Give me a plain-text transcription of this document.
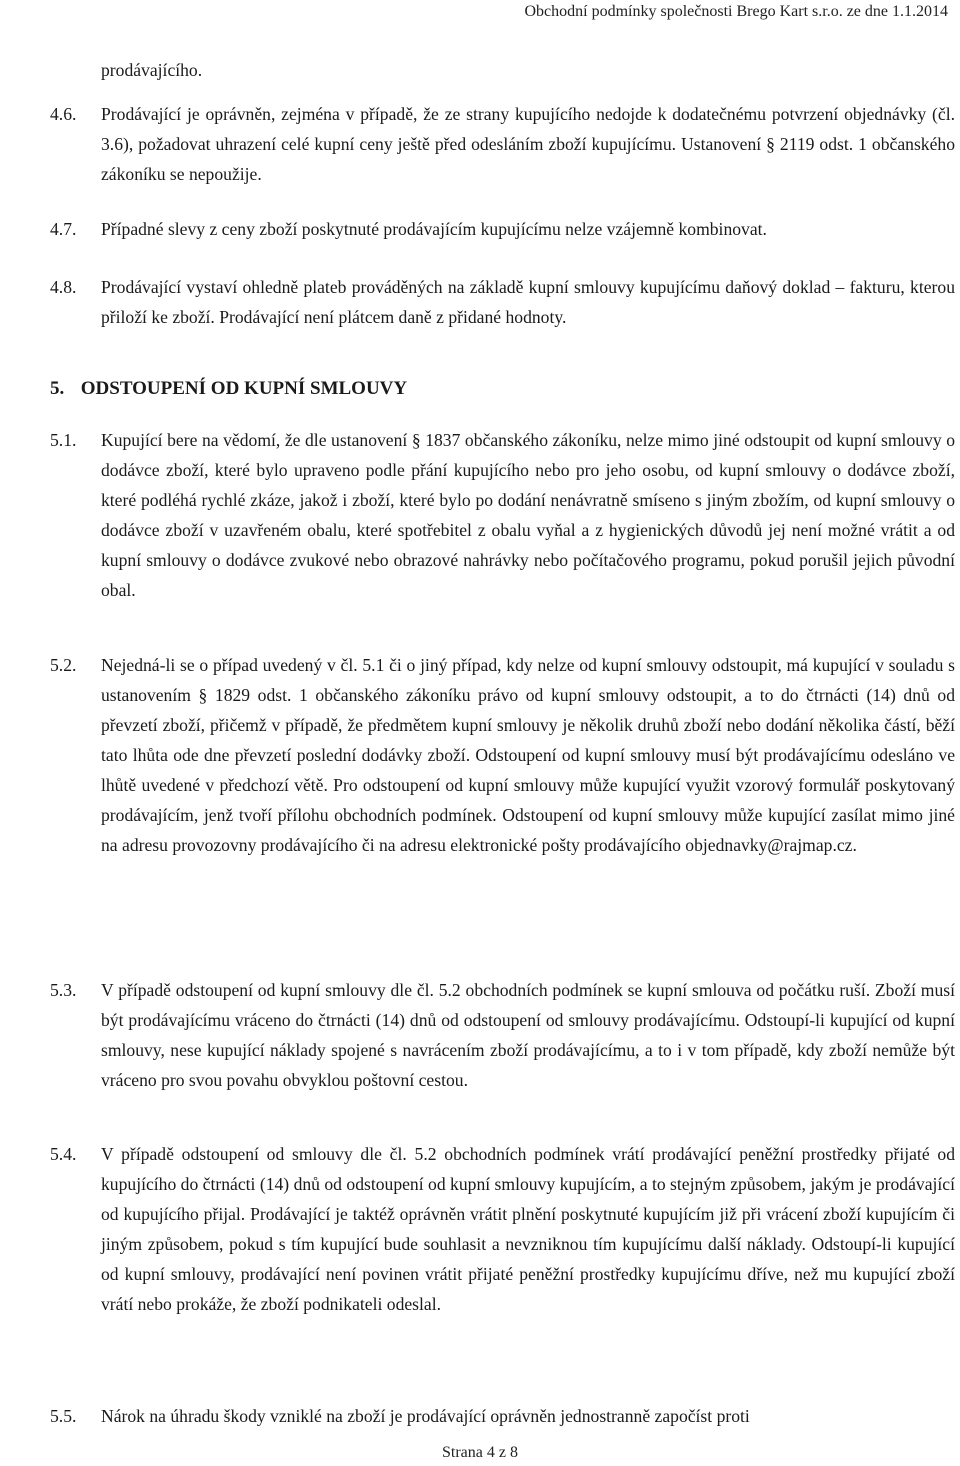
Obchodní podmínky společnosti Brego Kart s.r.o. ze dne 1.1.2014

prodávajícího.

4.6.	Prodávající je oprávněn, zejména v případě, že ze strany kupujícího nedojde k dodatečnému potvrzení objednávky (čl. 3.6), požadovat uhrazení celé kupní ceny ještě před odesláním zboží kupujícímu. Ustanovení § 2119 odst. 1 občanského zákoníku se nepoužije.
4.7.	Případné slevy z ceny zboží poskytnuté prodávajícím kupujícímu nelze vzájemně kombinovat.
4.8.	Prodávající vystaví ohledně plateb prováděných na základě kupní smlouvy kupujícímu daňový doklad – fakturu, kterou přiloží ke zboží. Prodávající není plátcem daně z přidané hodnoty.
5. ODSTOUPENÍ OD KUPNÍ SMLOUVY
5.1.	Kupující bere na vědomí, že dle ustanovení § 1837 občanského zákoníku, nelze mimo jiné odstoupit od kupní smlouvy o dodávce zboží, které bylo upraveno podle přání kupujícího nebo pro jeho osobu, od kupní smlouvy o dodávce zboží, které podléhá rychlé zkáze, jakož i zboží, které bylo po dodání nenávratně smíseno s jiným zbožím, od kupní smlouvy o dodávce zboží v uzavřeném obalu, které spotřebitel z obalu vyňal a z hygienických důvodů jej není možné vrátit a od kupní smlouvy o dodávce zvukové nebo obrazové nahrávky nebo počítačového programu, pokud porušil jejich původní obal.
5.2.	Nejedná-li se o případ uvedený v čl. 5.1 či o jiný případ, kdy nelze od kupní smlouvy odstoupit, má kupující v souladu s ustanovením § 1829 odst. 1 občanského zákoníku právo od kupní smlouvy odstoupit, a to do čtrnácti (14) dnů od převzetí zboží, přičemž v případě, že předmětem kupní smlouvy je několik druhů zboží nebo dodání několika částí, běží tato lhůta ode dne převzetí poslední dodávky zboží. Odstoupení od kupní smlouvy musí být prodávajícímu odesláno ve lhůtě uvedené v předchozí větě. Pro odstoupení od kupní smlouvy může kupující využit vzorový formulář poskytovaný prodávajícím, jenž tvoří přílohu obchodních podmínek. Odstoupení od kupní smlouvy může kupující zasílat mimo jiné na adresu provozovny prodávajícího či na adresu elektronické pošty prodávajícího objednavky@rajmap.cz.
5.3.	V případě odstoupení od kupní smlouvy dle čl. 5.2 obchodních podmínek se kupní smlouva od počátku ruší. Zboží musí být prodávajícímu vráceno do čtrnácti (14) dnů od odstoupení od smlouvy prodávajícímu. Odstoupí-li kupující od kupní smlouvy, nese kupující náklady spojené s navrácením zboží prodávajícímu, a to i v tom případě, kdy zboží nemůže být vráceno pro svou povahu obvyklou poštovní cestou.
5.4.	V případě odstoupení od smlouvy dle čl. 5.2 obchodních podmínek vrátí prodávající peněžní prostředky přijaté od kupujícího do čtrnácti (14) dnů od odstoupení od kupní smlouvy kupujícím, a to stejným způsobem, jakým je prodávající od kupujícího přijal. Prodávající je taktéž oprávněn vrátit plnění poskytnuté kupujícím již při vrácení zboží kupujícím či jiným způsobem, pokud s tím kupující bude souhlasit a nevzniknou tím kupujícímu další náklady. Odstoupí-li kupující od kupní smlouvy, prodávající není povinen vrátit přijaté peněžní prostředky kupujícímu dříve, než mu kupující zboží vrátí nebo prokáže, že zboží podnikateli odeslal.
5.5.	Nárok na úhradu škody vzniklé na zboží je prodávající oprávněn jednostranně započíst proti
Strana 4 z 8
